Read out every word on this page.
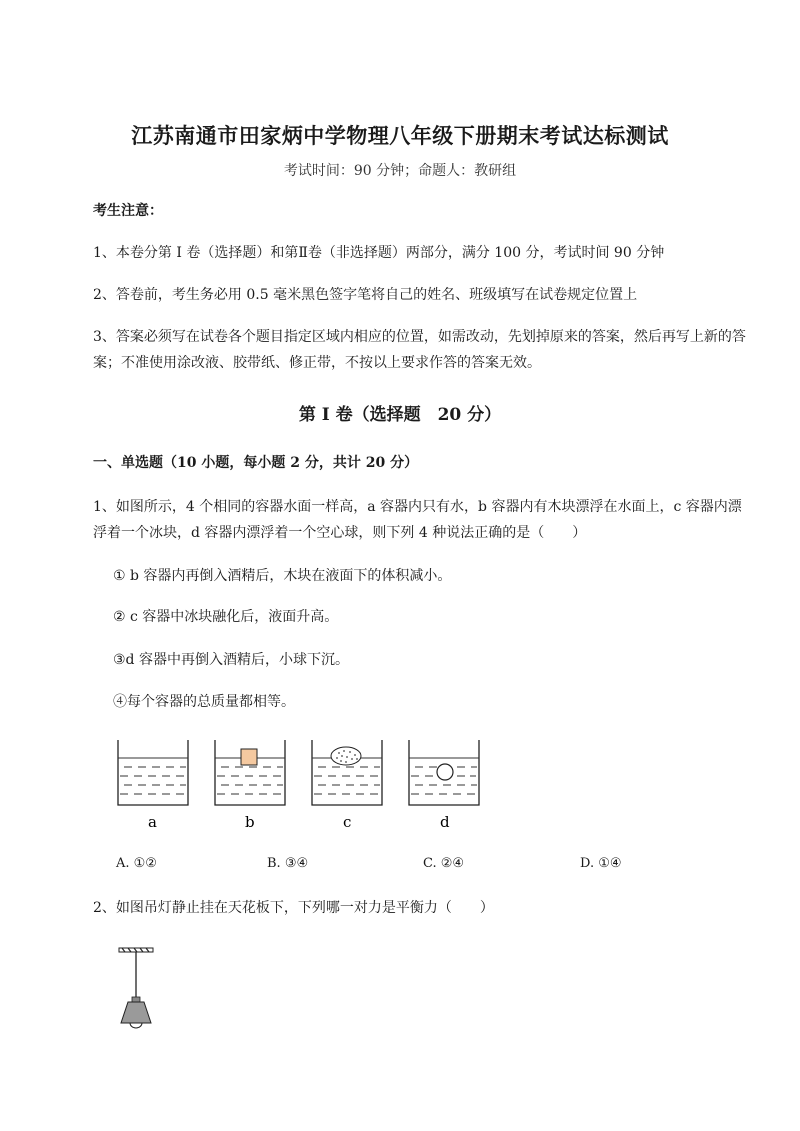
江苏南通市田家炳中学物理八年级下册期末考试达标测试
考试时间：90 分钟；命题人：教研组
考生注意：
1、本卷分第 I 卷（选择题）和第Ⅱ卷（非选择题）两部分，满分 100 分，考试时间 90 分钟
2、答卷前，考生务必用 0.5 毫米黑色签字笔将自己的姓名、班级填写在试卷规定位置上
3、答案必须写在试卷各个题目指定区域内相应的位置，如需改动，先划掉原来的答案，然后再写上新的答案；不准使用涂改液、胶带纸、修正带，不按以上要求作答的答案无效。
第 I 卷（选择题　20 分）
一、单选题（10 小题，每小题 2 分，共计 20 分）
1、如图所示，4 个相同的容器水面一样高，a 容器内只有水，b 容器内有木块漂浮在水面上，c 容器内漂浮着一个冰块，d 容器内漂浮着一个空心球，则下列 4 种说法正确的是（　　）
① b 容器内再倒入酒精后，木块在液面下的体积减小。
② c 容器中冰块融化后，液面升高。
③d 容器中再倒入酒精后，小球下沉。
④每个容器的总质量都相等。
a	b	c	d
A. ①②	B. ③④	C. ②④	D. ①④
2、如图吊灯静止挂在天花板下，下列哪一对力是平衡力（　　）
